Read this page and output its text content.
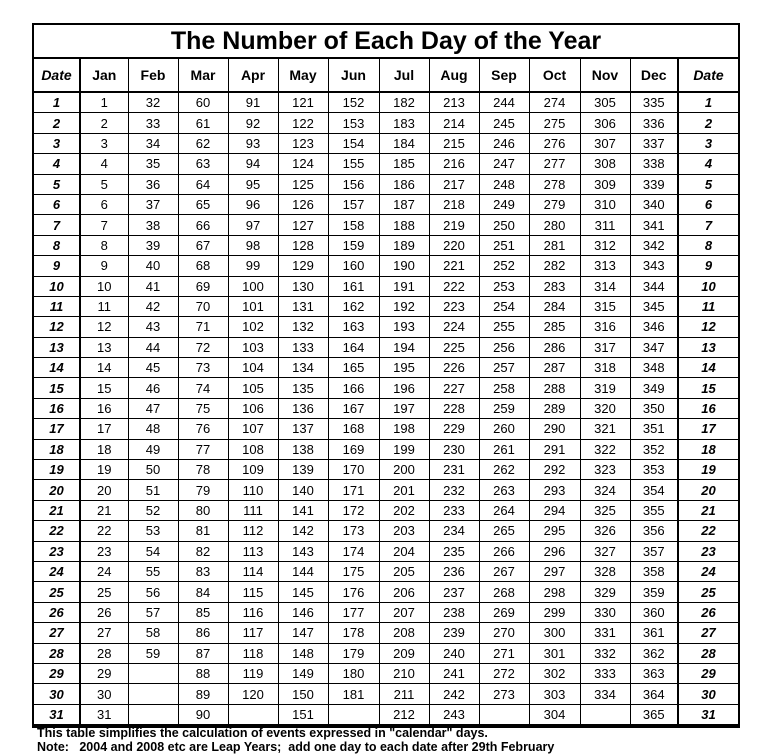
The Number of Each Day of the Year
Date	Jan	Feb	Mar	Apr	May	Jun	Jul	Aug	Sep	Oct	Nov	Dec	Date
1	1	32	60	91	121	152	182	213	244	274	305	335	1
2	2	33	61	92	122	153	183	214	245	275	306	336	2
3	3	34	62	93	123	154	184	215	246	276	307	337	3
4	4	35	63	94	124	155	185	216	247	277	308	338	4
5	5	36	64	95	125	156	186	217	248	278	309	339	5
6	6	37	65	96	126	157	187	218	249	279	310	340	6
7	7	38	66	97	127	158	188	219	250	280	311	341	7
8	8	39	67	98	128	159	189	220	251	281	312	342	8
9	9	40	68	99	129	160	190	221	252	282	313	343	9
10	10	41	69	100	130	161	191	222	253	283	314	344	10
11	11	42	70	101	131	162	192	223	254	284	315	345	11
12	12	43	71	102	132	163	193	224	255	285	316	346	12
13	13	44	72	103	133	164	194	225	256	286	317	347	13
14	14	45	73	104	134	165	195	226	257	287	318	348	14
15	15	46	74	105	135	166	196	227	258	288	319	349	15
16	16	47	75	106	136	167	197	228	259	289	320	350	16
17	17	48	76	107	137	168	198	229	260	290	321	351	17
18	18	49	77	108	138	169	199	230	261	291	322	352	18
19	19	50	78	109	139	170	200	231	262	292	323	353	19
20	20	51	79	110	140	171	201	232	263	293	324	354	20
21	21	52	80	111	141	172	202	233	264	294	325	355	21
22	22	53	81	112	142	173	203	234	265	295	326	356	22
23	23	54	82	113	143	174	204	235	266	296	327	357	23
24	24	55	83	114	144	175	205	236	267	297	328	358	24
25	25	56	84	115	145	176	206	237	268	298	329	359	25
26	26	57	85	116	146	177	207	238	269	299	330	360	26
27	27	58	86	117	147	178	208	239	270	300	331	361	27
28	28	59	87	118	148	179	209	240	271	301	332	362	28
29	29		88	119	149	180	210	241	272	302	333	363	29
30	30		89	120	150	181	211	242	273	303	334	364	30
31	31		90		151		212	243		304		365	31
This table simplifies the calculation of events expressed in "calendar" days.
Note:   2004 and 2008 etc are Leap Years;  add one day to each date after 29th February
